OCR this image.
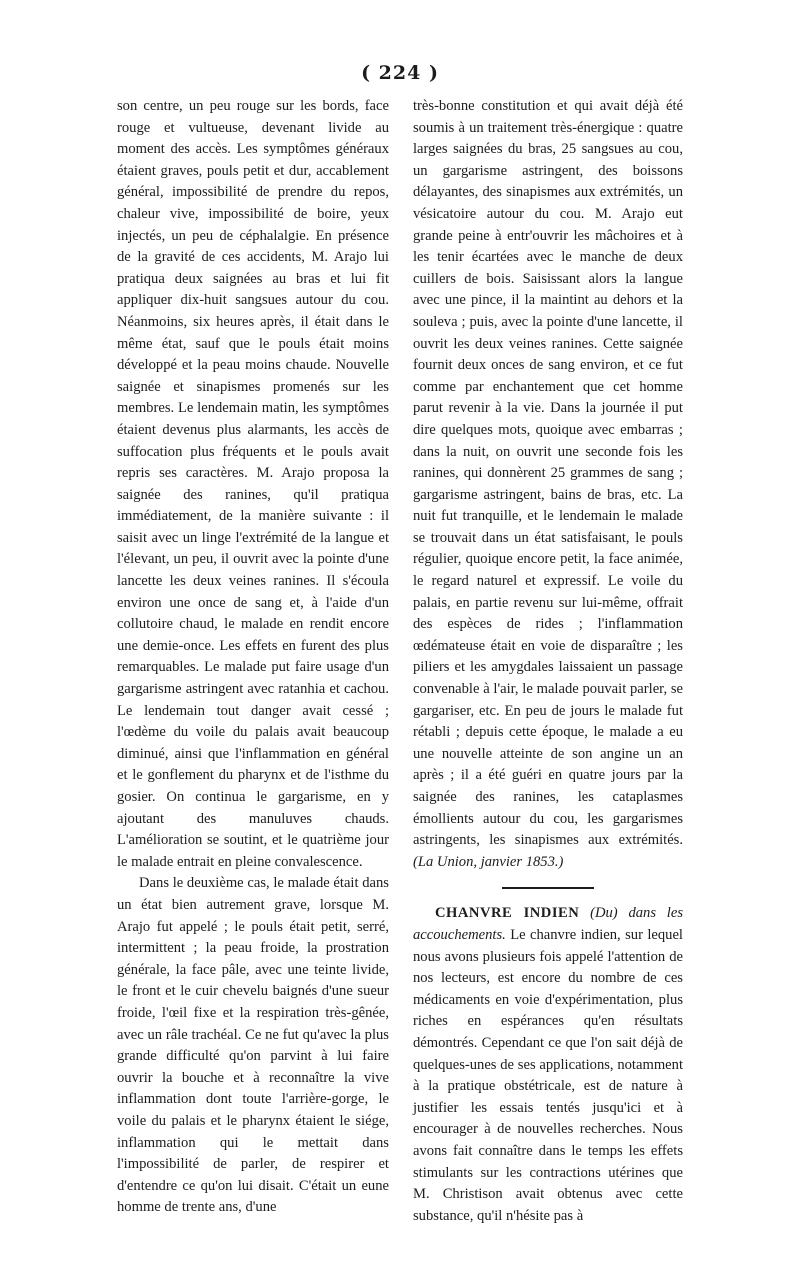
( 224 )

son centre, un peu rouge sur les bords, face rouge et vultueuse, devenant livide au moment des accès. Les symptômes généraux étaient graves, pouls petit et dur, accablement général, impossibilité de prendre du repos, chaleur vive, impossibilité de boire, yeux injectés, un peu de céphalalgie. En présence de la gravité de ces accidents, M. Arajo lui pratiqua deux saignées au bras et lui fit appliquer dix-huit sangsues autour du cou. Néanmoins, six heures après, il était dans le même état, sauf que le pouls était moins développé et la peau moins chaude. Nouvelle saignée et sinapismes promenés sur les membres. Le lendemain matin, les symptômes étaient devenus plus alarmants, les accès de suffocation plus fréquents et le pouls avait repris ses caractères. M. Arajo proposa la saignée des ranines, qu'il pratiqua immédiatement, de la manière suivante : il saisit avec un linge l'extrémité de la langue et l'élevant, un peu, il ouvrit avec la pointe d'une lancette les deux veines ranines. Il s'écoula environ une once de sang et, à l'aide d'un collutoire chaud, le malade en rendit encore une demie-once. Les effets en furent des plus remarquables. Le malade put faire usage d'un gargarisme astringent avec ratanhia et cachou. Le lendemain tout danger avait cessé ; l'œdème du voile du palais avait beaucoup diminué, ainsi que l'inflammation en général et le gonflement du pharynx et de l'isthme du gosier. On continua le gargarisme, en y ajoutant des manuluves chauds. L'amélioration se soutint, et le quatrième jour le malade entrait en pleine convalescence.

Dans le deuxième cas, le malade était dans un état bien autrement grave, lorsque M. Arajo fut appelé ; le pouls était petit, serré, intermittent ; la peau froide, la prostration générale, la face pâle, avec une teinte livide, le front et le cuir chevelu baignés d'une sueur froide, l'œil fixe et la respiration très-gênée, avec un râle trachéal. Ce ne fut qu'avec la plus grande difficulté qu'on parvint à lui faire ouvrir la bouche et à reconnaître la vive inflammation dont toute l'arrière-gorge, le voile du palais et le pharynx étaient le siége, inflammation qui le mettait dans l'impossibilité de parler, de respirer et d'entendre ce qu'on lui disait. C'était un eune homme de trente ans, d'une

très-bonne constitution et qui avait déjà été soumis à un traitement très-énergique : quatre larges saignées du bras, 25 sangsues au cou, un gargarisme astringent, des boissons délayantes, des sinapismes aux extrémités, un vésicatoire autour du cou. M. Arajo eut grande peine à entr'ouvrir les mâchoires et à les tenir écartées avec le manche de deux cuillers de bois. Saisissant alors la langue avec une pince, il la maintint au dehors et la souleva ; puis, avec la pointe d'une lancette, il ouvrit les deux veines ranines. Cette saignée fournit deux onces de sang environ, et ce fut comme par enchantement que cet homme parut revenir à la vie. Dans la journée il put dire quelques mots, quoique avec embarras ; dans la nuit, on ouvrit une seconde fois les ranines, qui donnèrent 25 grammes de sang ; gargarisme astringent, bains de bras, etc. La nuit fut tranquille, et le lendemain le malade se trouvait dans un état satisfaisant, le pouls régulier, quoique encore petit, la face animée, le regard naturel et expressif. Le voile du palais, en partie revenu sur lui-même, offrait des espèces de rides ; l'inflammation œdémateuse était en voie de disparaître ; les piliers et les amygdales laissaient un passage convenable à l'air, le malade pouvait parler, se gargariser, etc. En peu de jours le malade fut rétabli ; depuis cette époque, le malade a eu une nouvelle atteinte de son angine un an après ; il a été guéri en quatre jours par la saignée des ranines, les cataplasmes émollients autour du cou, les gargarismes astringents, les sinapismes aux extrémités. (La Union, janvier 1853.)

CHANVRE INDIEN (Du) dans les accouchements. Le chanvre indien, sur lequel nous avons plusieurs fois appelé l'attention de nos lecteurs, est encore du nombre de ces médicaments en voie d'expérimentation, plus riches en espérances qu'en résultats démontrés. Cependant ce que l'on sait déjà de quelques-unes de ses applications, notamment à la pratique obstétricale, est de nature à justifier les essais tentés jusqu'ici et à encourager à de nouvelles recherches. Nous avons fait connaître dans le temps les effets stimulants sur les contractions utérines que M. Christison avait obtenus avec cette substance, qu'il n'hésite pas à
